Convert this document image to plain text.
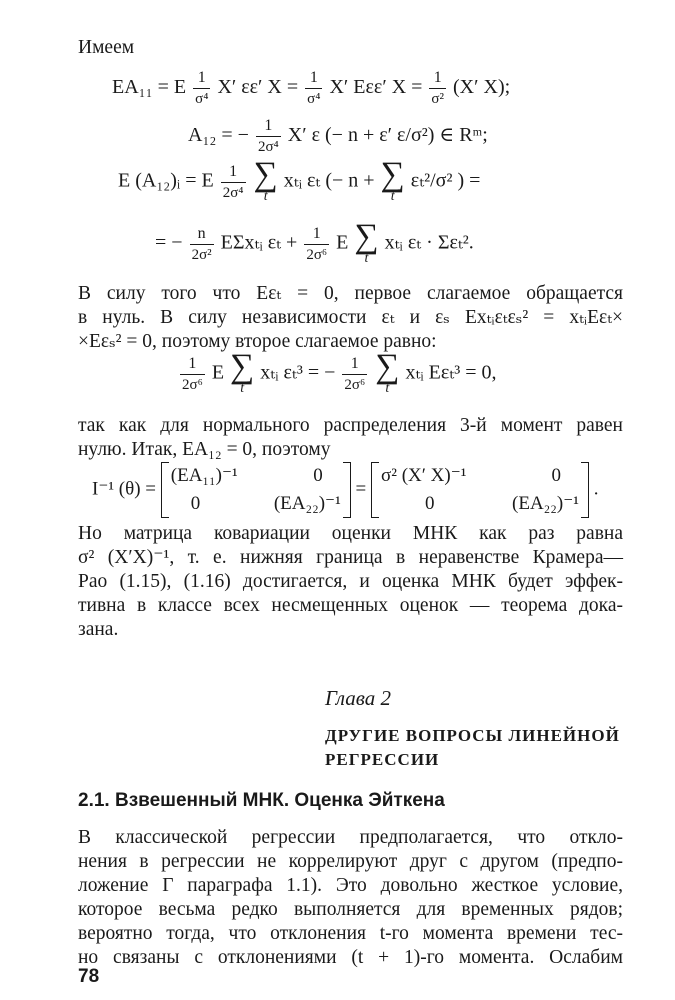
Имеем
EA₁₁ = E $\frac{1}{\text{σ⁴}} X'$ εε′ $X = \frac{1}{\text{σ⁴}} X'$ Eεε′ $X = \frac{1}{\text{σ²}} (X'$ X);
A₁₂ = − $\frac{1}{\text{2σ⁴}} X'$ ε (− n + ε′ ε/σ²) ∈ Rᵐ;
E (A₁₂)ᵢ = E $\frac{1}{\text{2σ⁴}}$
∑
t
xₜᵢ εₜ (− n + ∑
t
εₜ²/σ² ) =
= − $\frac{n}{\text{2σ²}}$ EΣxₜᵢ $\varepsilon_t + \frac{1}{\text{2σ⁶}}$ E ∑
t
xₜᵢ εₜ · Σεₜ².
В силу того что Eεₜ = 0, первое слагаемое обращается
в нуль. В силу независимости εₜ и εₛ Exₜᵢεₜεₛ² = xₜᵢEεₜ×
×Eεₛ² = 0, поэтому второе слагаемое равно:
$\frac{1}{\text{2σ⁶}}$ E ∑
t
xₜᵢ εₜ³ = − $\frac{1}{\text{2σ⁶}}$
∑
t
xₜᵢ Eεₜ³ = 0,
так как для нормального распределения 3-й момент равен
нулю. Итак, EA₁₂ = 0, поэтому
I⁻¹ (θ) =
(EA₁₁)⁻¹	0
0	(EA₂₂)⁻¹
=
σ² (X′ X)⁻¹	0
0	(EA₂₂)⁻¹
.
Но матрица ковариации оценки МНК как раз равна
σ² (X′X)⁻¹, т. е. нижняя граница в неравенстве Крамера—
Рао (1.15), (1.16) достигается, и оценка МНК будет эффек-
тивна в классе всех несмещенных оценок — теорема дока-
зана.
Глава 2
ДРУГИЕ ВОПРОСЫ ЛИНЕЙНОЙ
РЕГРЕССИИ
2.1. Взвешенный МНК. Оценка Эйткена
В классической регрессии предполагается, что откло-
нения в регрессии не коррелируют друг с другом (предпо-
ложение Г параграфа 1.1). Это довольно жесткое условие,
которое весьма редко выполняется для временных рядов;
вероятно тогда, что отклонения t-го момента времени тес-
но связаны с отклонениями (t + 1)-го момента. Ослабим
78
